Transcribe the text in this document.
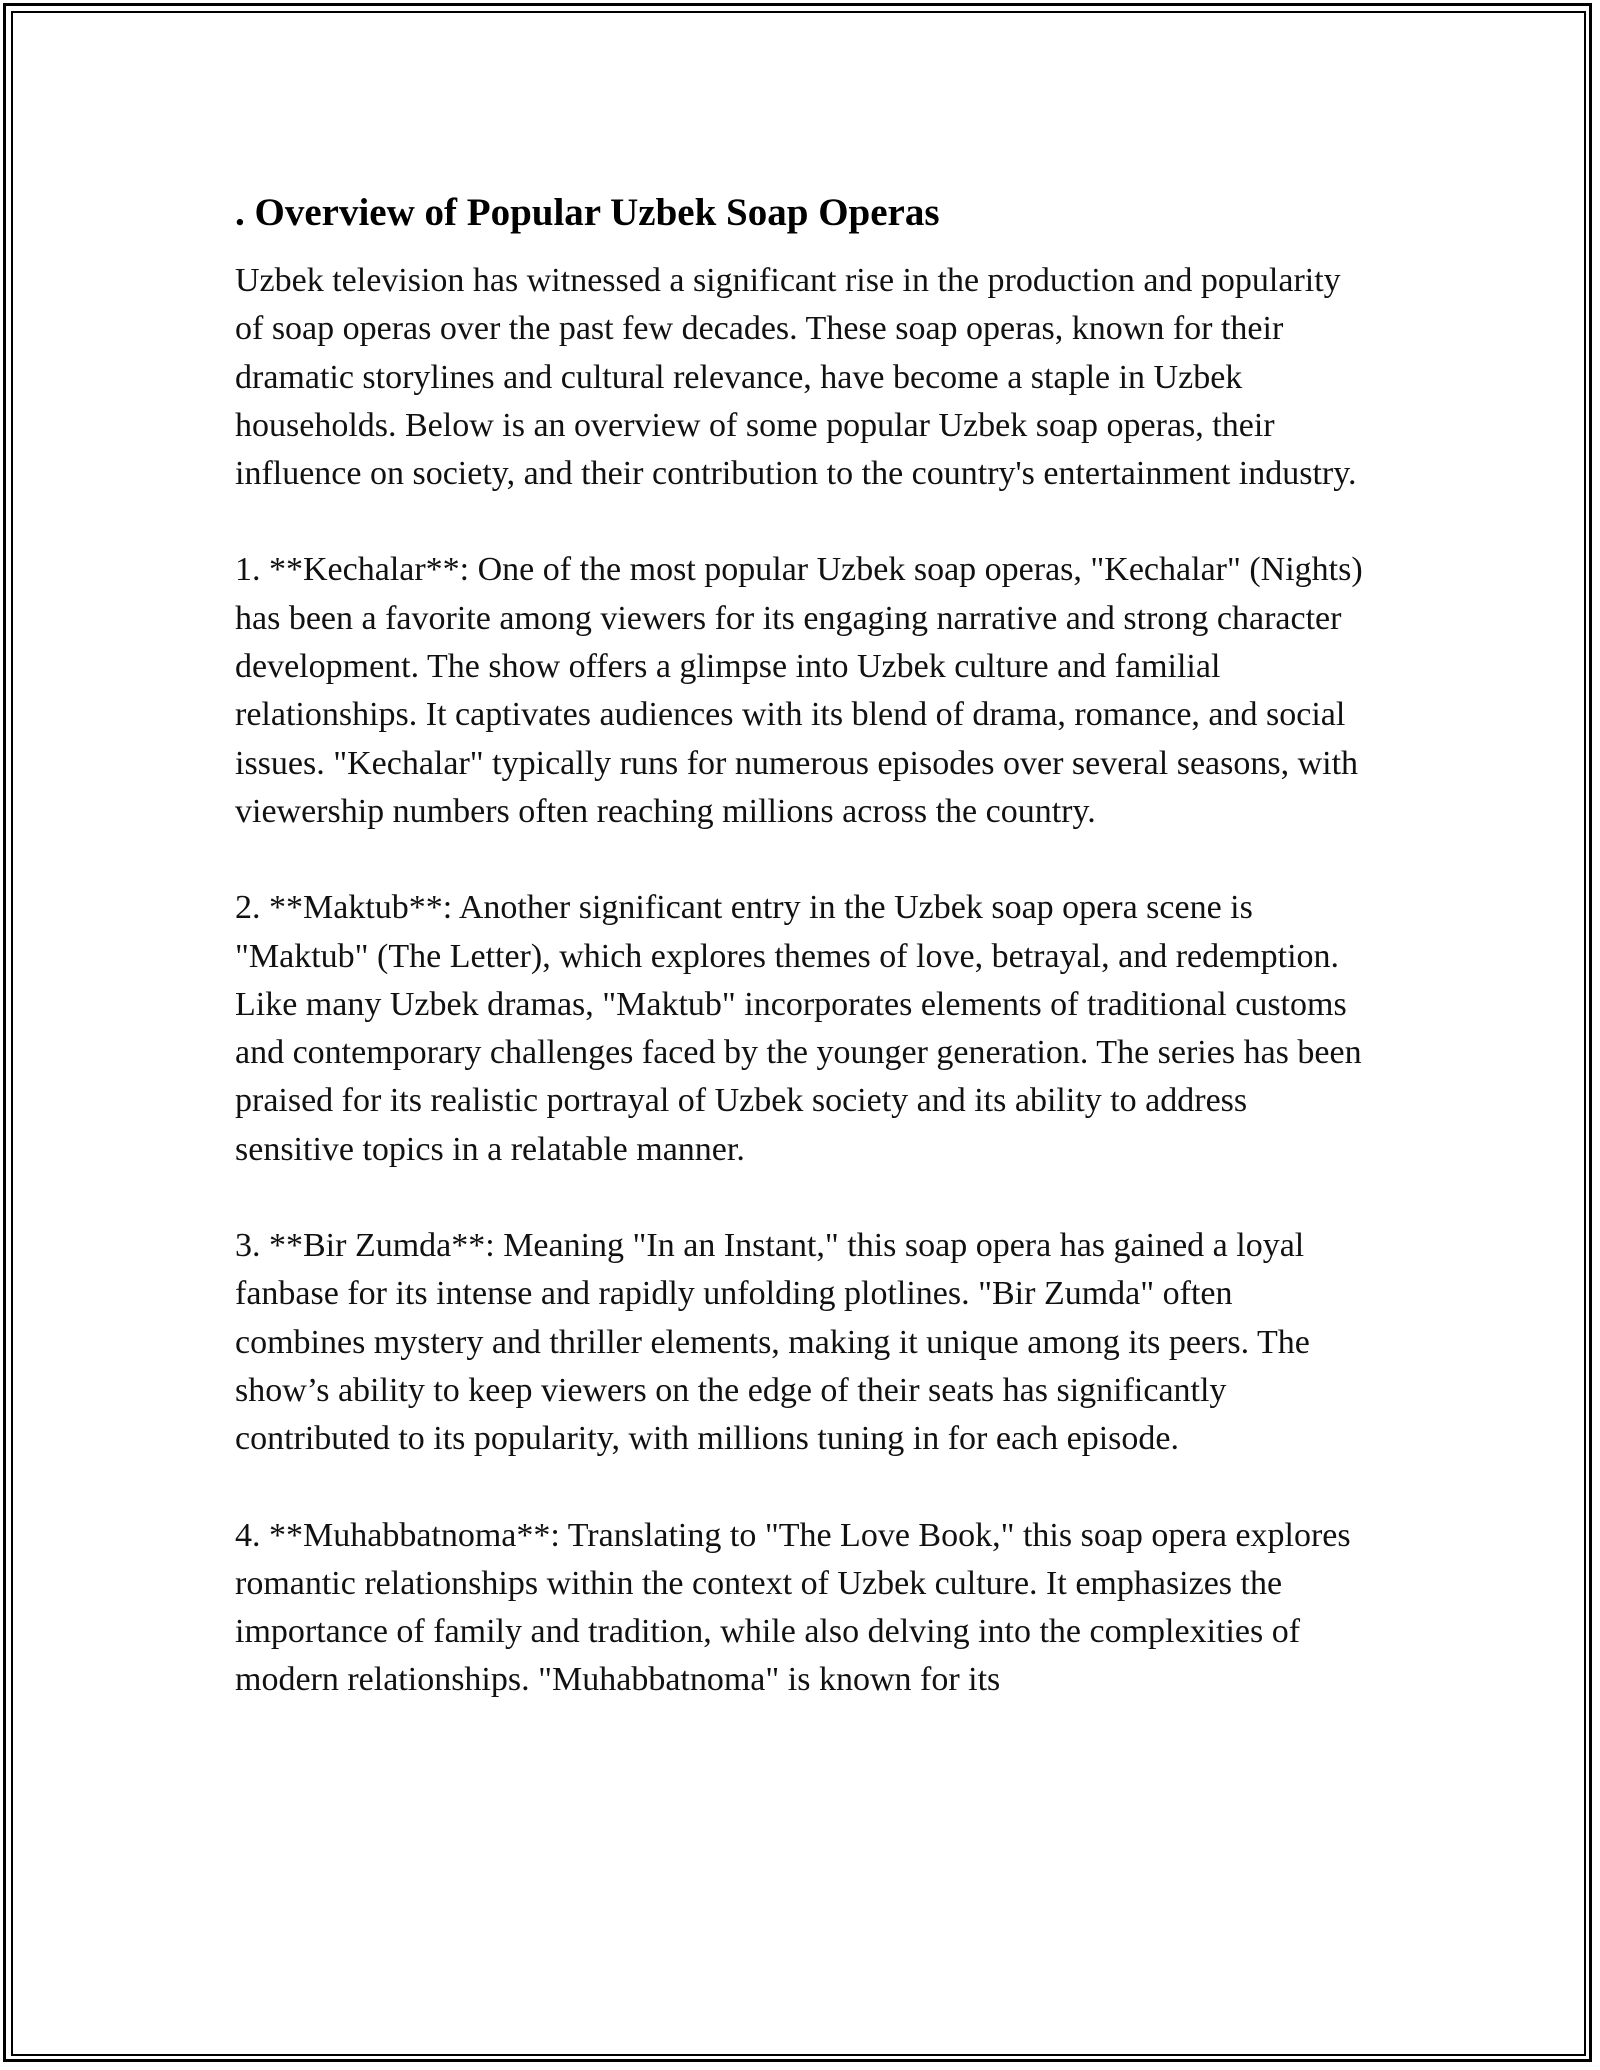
. Overview of Popular Uzbek Soap Operas

Uzbek television has witnessed a significant rise in the production and popularity of soap operas over the past few decades. These soap operas, known for their dramatic storylines and cultural relevance, have become a staple in Uzbek households. Below is an overview of some popular Uzbek soap operas, their influence on society, and their contribution to the country's entertainment industry.

1. **Kechalar**: One of the most popular Uzbek soap operas, "Kechalar" (Nights) has been a favorite among viewers for its engaging narrative and strong character development. The show offers a glimpse into Uzbek culture and familial relationships. It captivates audiences with its blend of drama, romance, and social issues. "Kechalar" typically runs for numerous episodes over several seasons, with viewership numbers often reaching millions across the country.

2. **Maktub**: Another significant entry in the Uzbek soap opera scene is "Maktub" (The Letter), which explores themes of love, betrayal, and redemption. Like many Uzbek dramas, "Maktub" incorporates elements of traditional customs and contemporary challenges faced by the younger generation. The series has been praised for its realistic portrayal of Uzbek society and its ability to address sensitive topics in a relatable manner.

3. **Bir Zumda**: Meaning "In an Instant," this soap opera has gained a loyal fanbase for its intense and rapidly unfolding plotlines. "Bir Zumda" often combines mystery and thriller elements, making it unique among its peers. The show’s ability to keep viewers on the edge of their seats has significantly contributed to its popularity, with millions tuning in for each episode.

4. **Muhabbatnoma**: Translating to "The Love Book," this soap opera explores romantic relationships within the context of Uzbek culture. It emphasizes the importance of family and tradition, while also delving into the complexities of modern relationships. "Muhabbatnoma" is known for its
